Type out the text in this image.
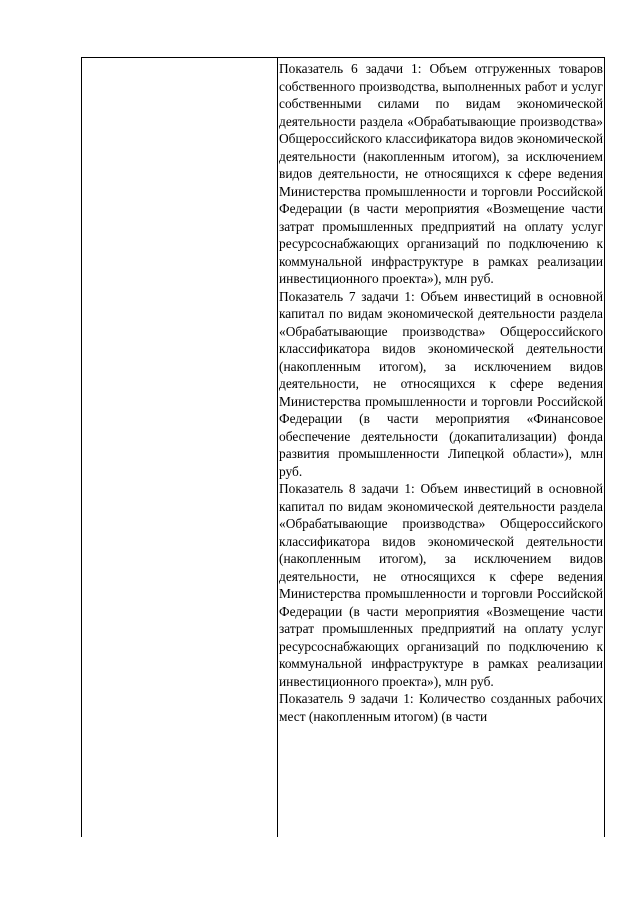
Показатель 6 задачи 1: Объем отгруженных товаров собственного производства, выполненных работ и услуг собственными силами по видам экономической деятельности раздела «Обрабатывающие производства» Общероссийского классификатора видов экономической деятельности (накопленным итогом), за исключением видов деятельности, не относящихся к сфере ведения Министерства промышленности и торговли Российской Федерации (в части мероприятия «Возмещение части затрат промышленных предприятий на оплату услуг ресурсоснабжающих организаций по подключению к коммунальной инфраструктуре в рамках реализации инвестиционного проекта»), млн руб.

Показатель 7 задачи 1: Объем инвестиций в основной капитал по видам экономической деятельности раздела «Обрабатывающие производства» Общероссийского классификатора видов экономической деятельности (накопленным итогом), за исключением видов деятельности, не относящихся к сфере ведения Министерства промышленности и торговли Российской Федерации (в части мероприятия «Финансовое обеспечение деятельности (докапитализации) фонда развития промышленности Липецкой области»), млн руб.

Показатель 8 задачи 1: Объем инвестиций в основной капитал по видам экономической деятельности раздела «Обрабатывающие производства» Общероссийского классификатора видов экономической деятельности (накопленным итогом), за исключением видов деятельности, не относящихся к сфере ведения Министерства промышленности и торговли Российской Федерации (в части мероприятия «Возмещение части затрат промышленных предприятий на оплату услуг ресурсоснабжающих организаций по подключению к коммунальной инфраструктуре в рамках реализации инвестиционного проекта»), млн руб.

Показатель 9 задачи 1: Количество созданных рабочих мест (накопленным итогом) (в части
